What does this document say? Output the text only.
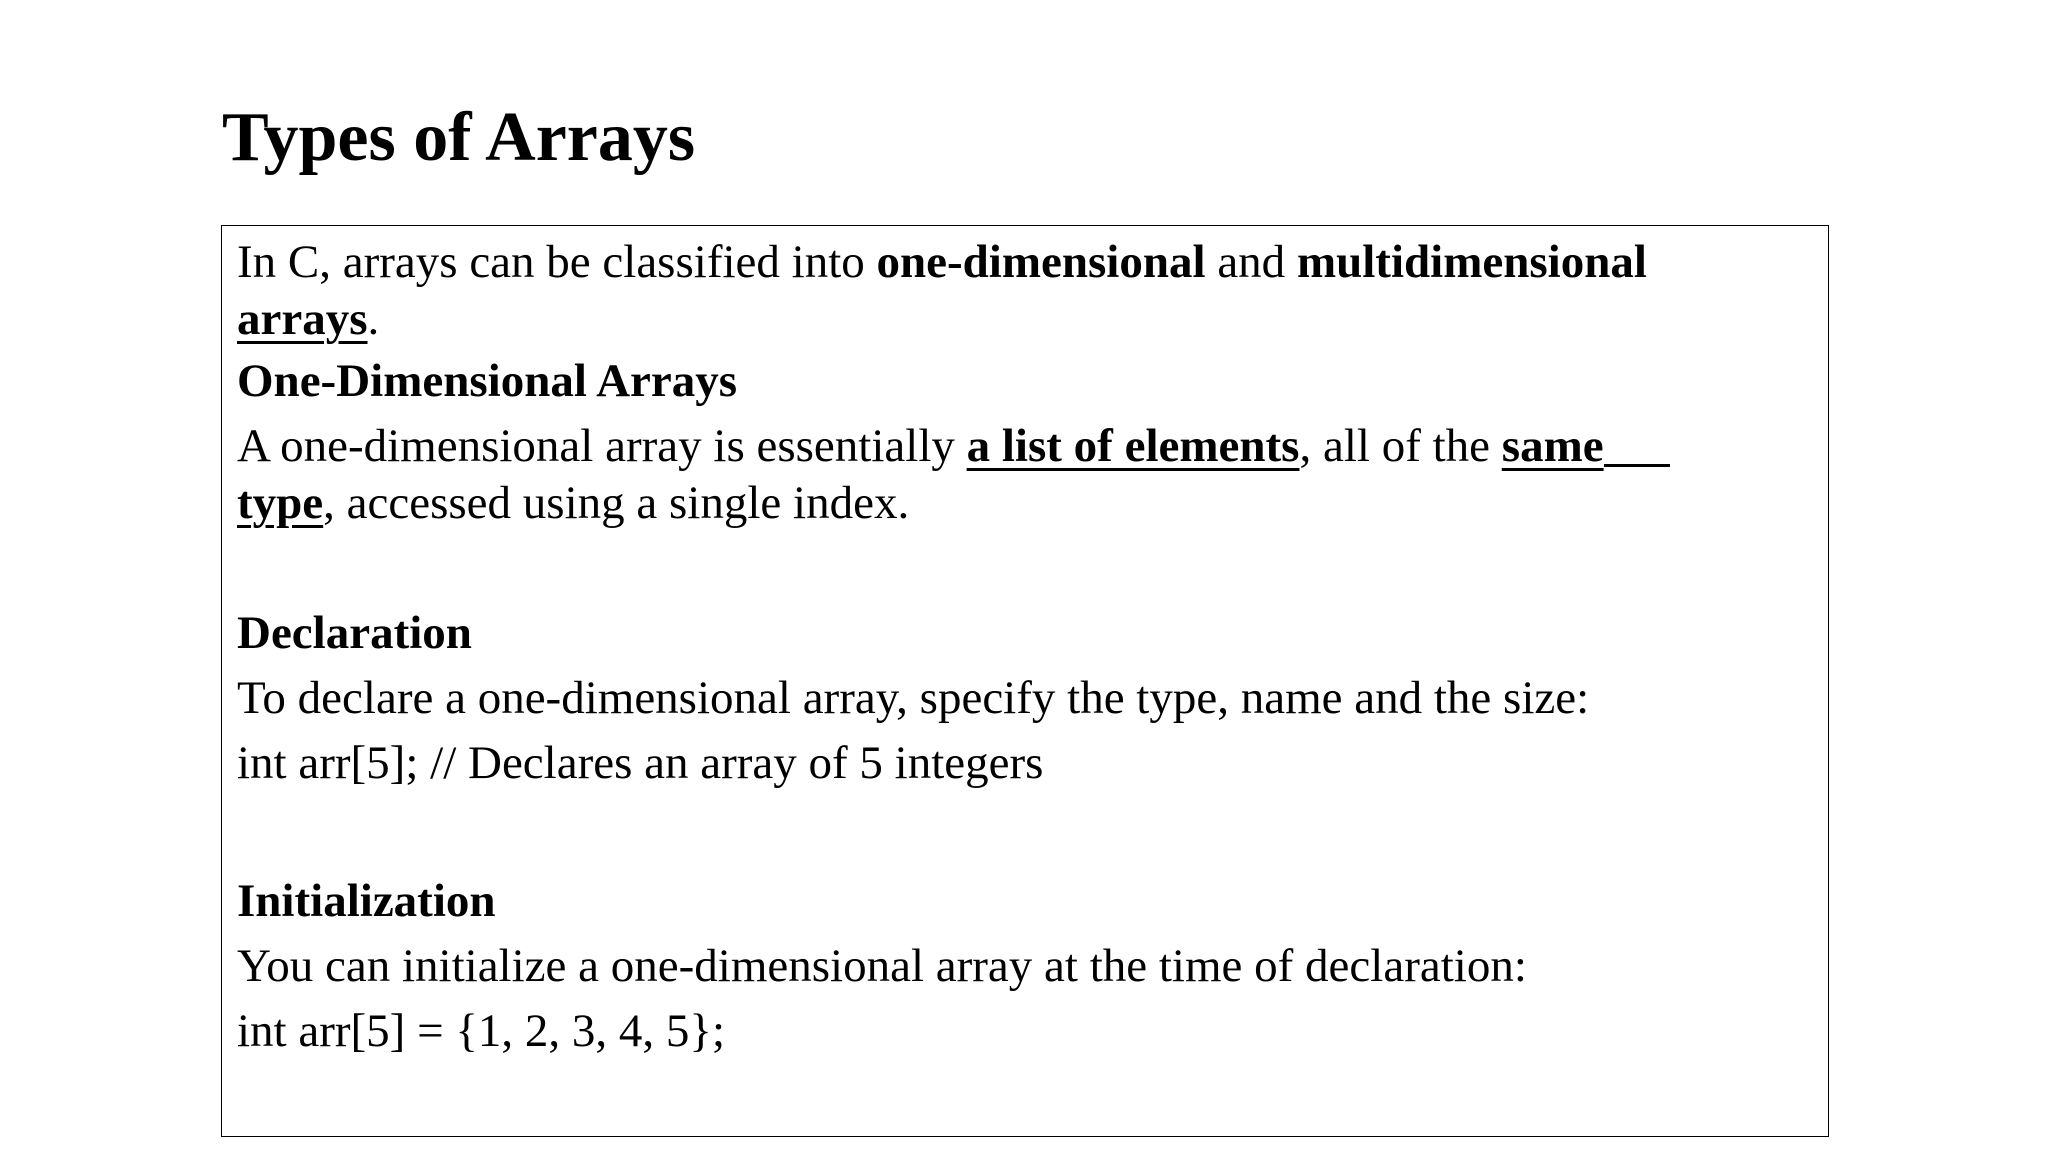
Types of Arrays

In C, arrays can be classified into one-dimensional and multidimensional

arrays.

One-Dimensional Arrays

A one-dimensional array is essentially a list of elements, all of the same

type, accessed using a single index.

Declaration

To declare a one-dimensional array, specify the type, name and the size:

int arr[5]; // Declares an array of 5 integers

Initialization

You can initialize a one-dimensional array at the time of declaration:

int arr[5] = {1, 2, 3, 4, 5};
